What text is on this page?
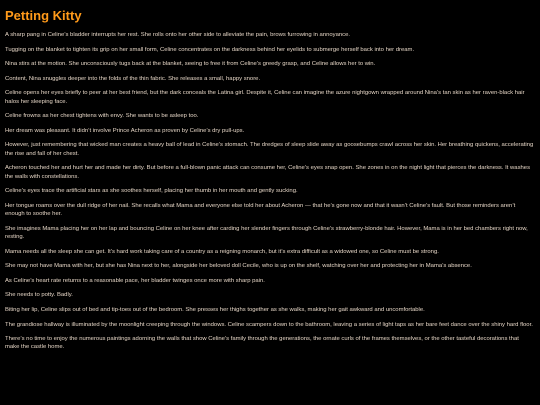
Petting Kitty

A sharp pang in Celine’s bladder interrupts her rest. She rolls onto her other side to alleviate the pain, brows furrowing in annoyance.

Tugging on the blanket to tighten its grip on her small form, Celine concentrates on the darkness behind her eyelids to submerge herself back into her dream.

Nina stirs at the motion. She unconsciously tugs back at the blanket, seeing to free it from Celine’s greedy grasp, and Celine allows her to win.

Content, Nina snuggles deeper into the folds of the thin fabric. She releases a small, happy snore.

Celine opens her eyes briefly to peer at her best friend, but the dark conceals the Latina girl. Despite it, Celine can imagine the azure nightgown wrapped around Nina’s tan skin as her raven-black hair halos her sleeping face.

Celine frowns as her chest tightens with envy. She wants to be asleep too.

Her dream was pleasant. It didn’t involve Prince Acheron as proven by Celine’s dry pull-ups.

However, just remembering that wicked man creates a heavy ball of lead in Celine’s stomach. The dredges of sleep slide away as goosebumps crawl across her skin. Her breathing quickens, accelerating the rise and fall of her chest.

Acheron touched her and hurt her and made her dirty. But before a full-blown panic attack can consume her, Celine’s eyes snap open. She zones in on the night light that pierces the darkness. It washes the walls with constellations.

Celine’s eyes trace the artificial stars as she soothes herself, placing her thumb in her mouth and gently sucking.

Her tongue roams over the dull ridge of her nail. She recalls what Mama and everyone else told her about Acheron — that he’s gone now and that it wasn’t Celine’s fault. But those reminders aren’t enough to soothe her.

She imagines Mama placing her on her lap and bouncing Celine on her knee after carding her slender fingers through Celine’s strawberry-blonde hair. However, Mama is in her bed chambers right now, resting.

Mama needs all the sleep she can get. It’s hard work taking care of a country as a reigning monarch, but it’s extra difficult as a widowed one, so Celine must be strong.

She may not have Mama with her, but she has Nina next to her, alongside her beloved doll Cecile, who is up on the shelf, watching over her and protecting her in Mama’s absence.

As Celine’s heart rate returns to a reasonable pace, her bladder twinges once more with sharp pain.

She needs to potty. Badly.

Biting her lip, Celine slips out of bed and tip-toes out of the bedroom. She presses her thighs together as she walks, making her gait awkward and uncomfortable.

The grandiose hallway is illuminated by the moonlight creeping through the windows. Celine scampers down to the bathroom, leaving a series of light taps as her bare feet dance over the shiny hard floor.

There’s no time to enjoy the numerous paintings adorning the walls that show Celine’s family through the generations, the ornate curls of the frames themselves, or the other tasteful decorations that make the castle home.
